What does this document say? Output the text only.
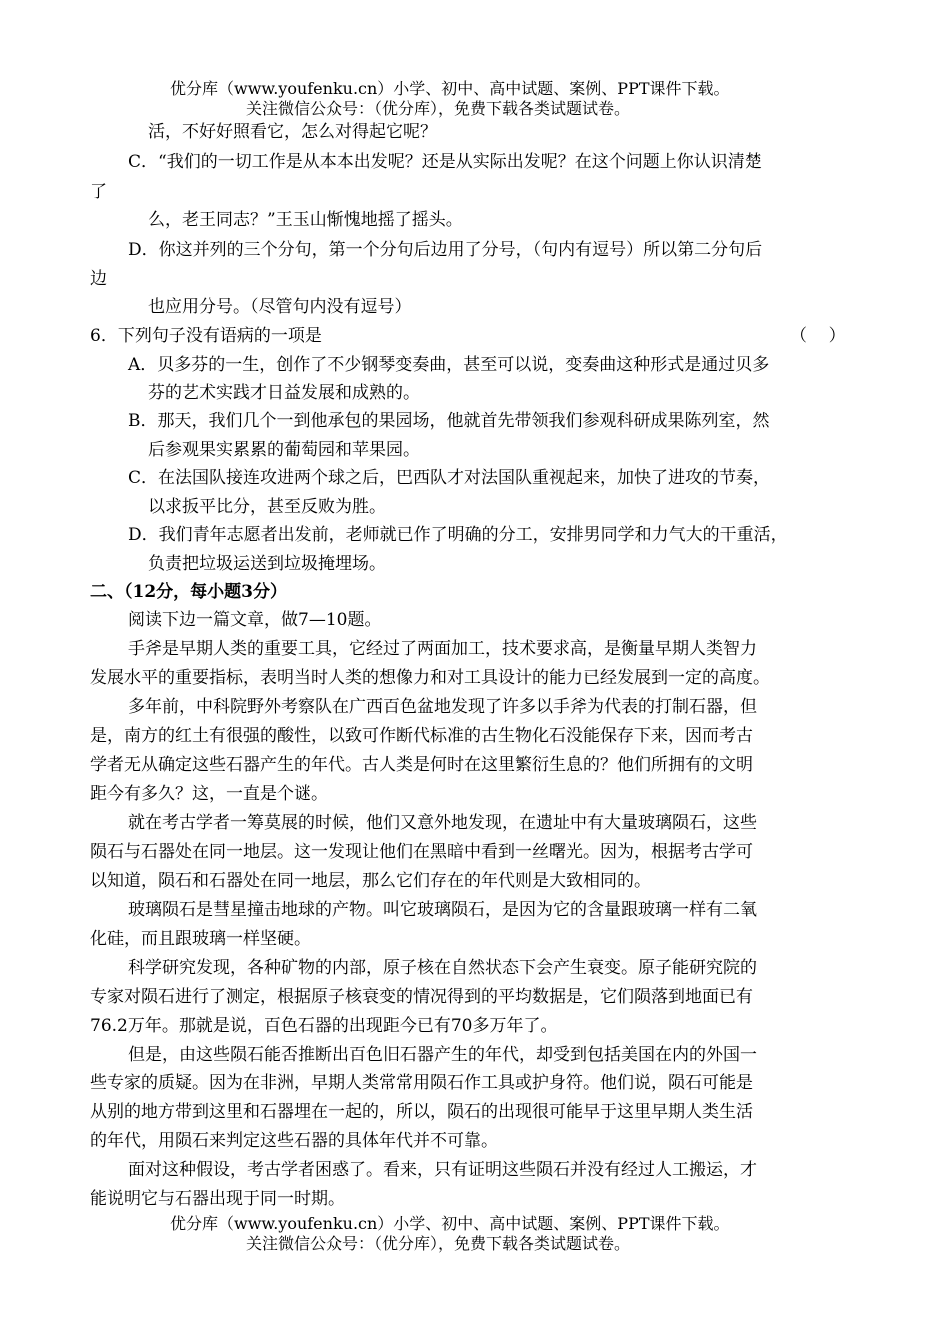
优分库（www.youfenku.cn）小学、初中、高中试题、案例、PPT课件下载。
关注微信公众号：（优分库），免费下载各类试题试卷。
活，不好好照看它，怎么对得起它呢？
C．“我们的一切工作是从本本出发呢？还是从实际出发呢？在这个问题上你认识清楚
了
么，老王同志？”王玉山惭愧地摇了摇头。
D．你这并列的三个分句，第一个分句后边用了分号，（句内有逗号）所以第二分句后
边
也应用分号。（尽管句内没有逗号）
6．下列句子没有语病的一项是	（    ）
A．贝多芬的一生，创作了不少钢琴变奏曲，甚至可以说，变奏曲这种形式是通过贝多
芬的艺术实践才日益发展和成熟的。
B．那天，我们几个一到他承包的果园场，他就首先带领我们参观科研成果陈列室，然
后参观果实累累的葡萄园和苹果园。
C．在法国队接连攻进两个球之后，巴西队才对法国队重视起来，加快了进攻的节奏，
以求扳平比分，甚至反败为胜。
D．我们青年志愿者出发前，老师就已作了明确的分工，安排男同学和力气大的干重活，
负责把垃圾运送到垃圾掩埋场。
二、（12分，每小题3分）
阅读下边一篇文章，做7—10题。
手斧是早期人类的重要工具，它经过了两面加工，技术要求高，是衡量早期人类智力
发展水平的重要指标，表明当时人类的想像力和对工具设计的能力已经发展到一定的高度。
多年前，中科院野外考察队在广西百色盆地发现了许多以手斧为代表的打制石器，但
是，南方的红土有很强的酸性，以致可作断代标准的古生物化石没能保存下来，因而考古
学者无从确定这些石器产生的年代。古人类是何时在这里繁衍生息的？他们所拥有的文明
距今有多久？这，一直是个谜。
就在考古学者一筹莫展的时候，他们又意外地发现，在遗址中有大量玻璃陨石，这些
陨石与石器处在同一地层。这一发现让他们在黑暗中看到一丝曙光。因为，根据考古学可
以知道，陨石和石器处在同一地层，那么它们存在的年代则是大致相同的。
玻璃陨石是彗星撞击地球的产物。叫它玻璃陨石，是因为它的含量跟玻璃一样有二氧
化硅，而且跟玻璃一样坚硬。
科学研究发现，各种矿物的内部，原子核在自然状态下会产生衰变。原子能研究院的
专家对陨石进行了测定，根据原子核衰变的情况得到的平均数据是，它们陨落到地面已有
76.2万年。那就是说，百色石器的出现距今已有70多万年了。
但是，由这些陨石能否推断出百色旧石器产生的年代，却受到包括美国在内的外国一
些专家的质疑。因为在非洲，早期人类常常用陨石作工具或护身符。他们说，陨石可能是
从别的地方带到这里和石器埋在一起的，所以，陨石的出现很可能早于这里早期人类生活
的年代，用陨石来判定这些石器的具体年代并不可靠。
面对这种假设，考古学者困惑了。看来，只有证明这些陨石并没有经过人工搬运，才
能说明它与石器出现于同一时期。
优分库（www.youfenku.cn）小学、初中、高中试题、案例、PPT课件下载。
关注微信公众号：（优分库），免费下载各类试题试卷。
